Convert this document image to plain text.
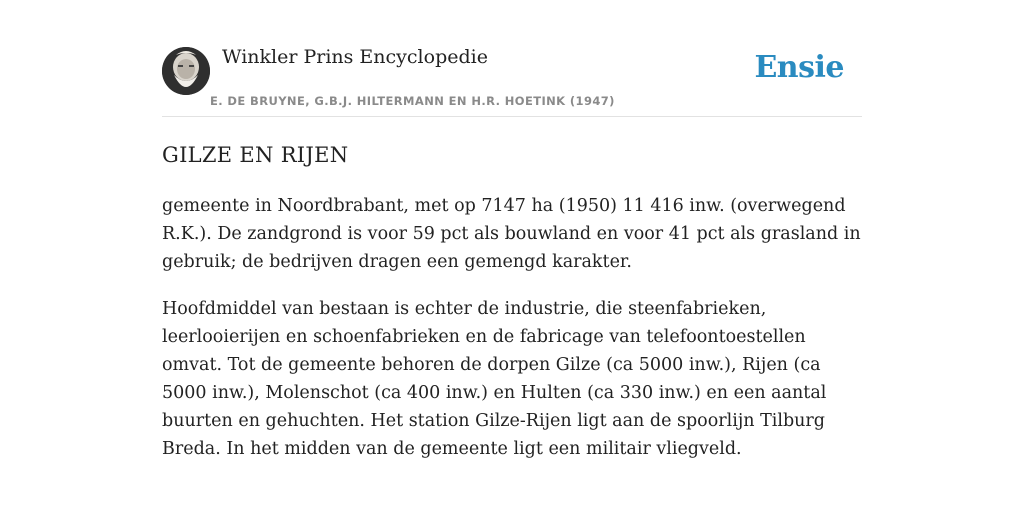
Winkler Prins Encyclopedie
E. DE BRUYNE, G.B.J. HILTERMANN EN H.R. HOETINK (1947)
Ensie
GILZE EN RIJEN

gemeente in Noordbrabant, met op 7147 ha (1950) 11 416 inw. (overwegend R.K.). De zandgrond is voor 59 pct als bouwland en voor 41 pct als grasland in gebruik; de bedrijven dragen een gemengd karakter.

Hoofdmiddel van bestaan is echter de industrie, die steenfabrieken, leerlooierijen en schoenfabrieken en de fabricage van telefoontoestellen omvat. Tot de gemeente behoren de dorpen Gilze (ca 5000 inw.), Rijen (ca 5000 inw.), Molenschot (ca 400 inw.) en Hulten (ca 330 inw.) en een aantal buurten en gehuchten. Het station Gilze-Rijen ligt aan de spoorlijn Tilburg Breda. In het midden van de gemeente ligt een militair vliegveld.
